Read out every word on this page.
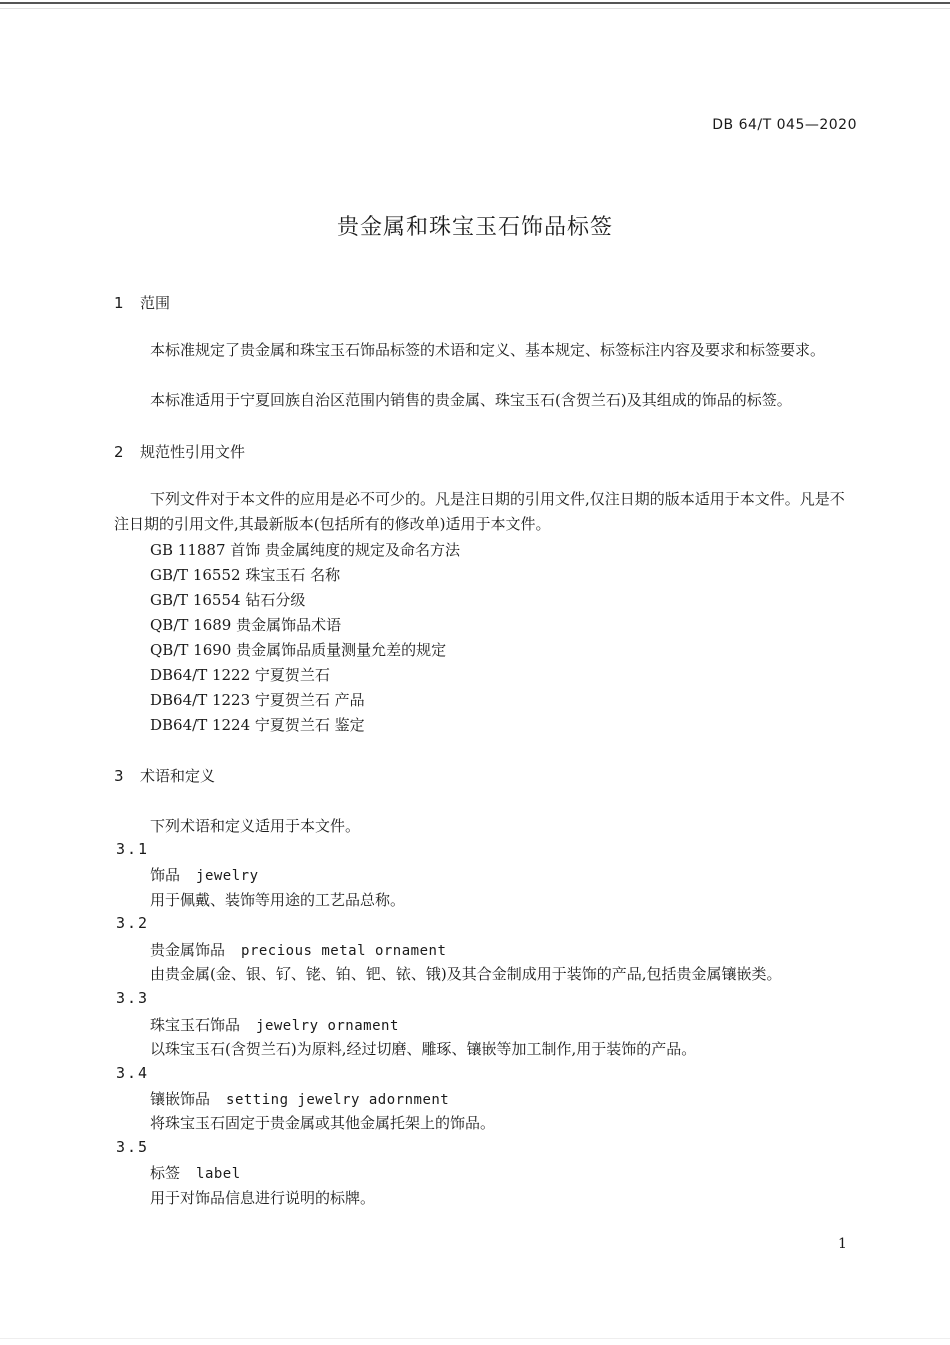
DB 64/T 045—2020
贵金属和珠宝玉石饰品标签
1 范围
本标准规定了贵金属和珠宝玉石饰品标签的术语和定义、基本规定、标签标注内容及要求和标签要求。
本标准适用于宁夏回族自治区范围内销售的贵金属、珠宝玉石(含贺兰石)及其组成的饰品的标签。
2 规范性引用文件
下列文件对于本文件的应用是必不可少的。凡是注日期的引用文件,仅注日期的版本适用于本文件。凡是不注日期的引用文件,其最新版本(包括所有的修改单)适用于本文件。
GB 11887 首饰 贵金属纯度的规定及命名方法
GB/T 16552 珠宝玉石 名称
GB/T 16554 钻石分级
QB/T 1689 贵金属饰品术语
QB/T 1690 贵金属饰品质量测量允差的规定
DB64/T 1222 宁夏贺兰石
DB64/T 1223 宁夏贺兰石 产品
DB64/T 1224 宁夏贺兰石 鉴定
3 术语和定义
下列术语和定义适用于本文件。
3.1
饰品 jewelry
用于佩戴、装饰等用途的工艺品总称。
3.2
贵金属饰品 precious metal ornament
由贵金属(金、银、钌、铑、铂、钯、铱、锇)及其合金制成用于装饰的产品,包括贵金属镶嵌类。
3.3
珠宝玉石饰品 jewelry ornament
以珠宝玉石(含贺兰石)为原料,经过切磨、雕琢、镶嵌等加工制作,用于装饰的产品。
3.4
镶嵌饰品 setting jewelry adornment
将珠宝玉石固定于贵金属或其他金属托架上的饰品。
3.5
标签 label
用于对饰品信息进行说明的标牌。
1
